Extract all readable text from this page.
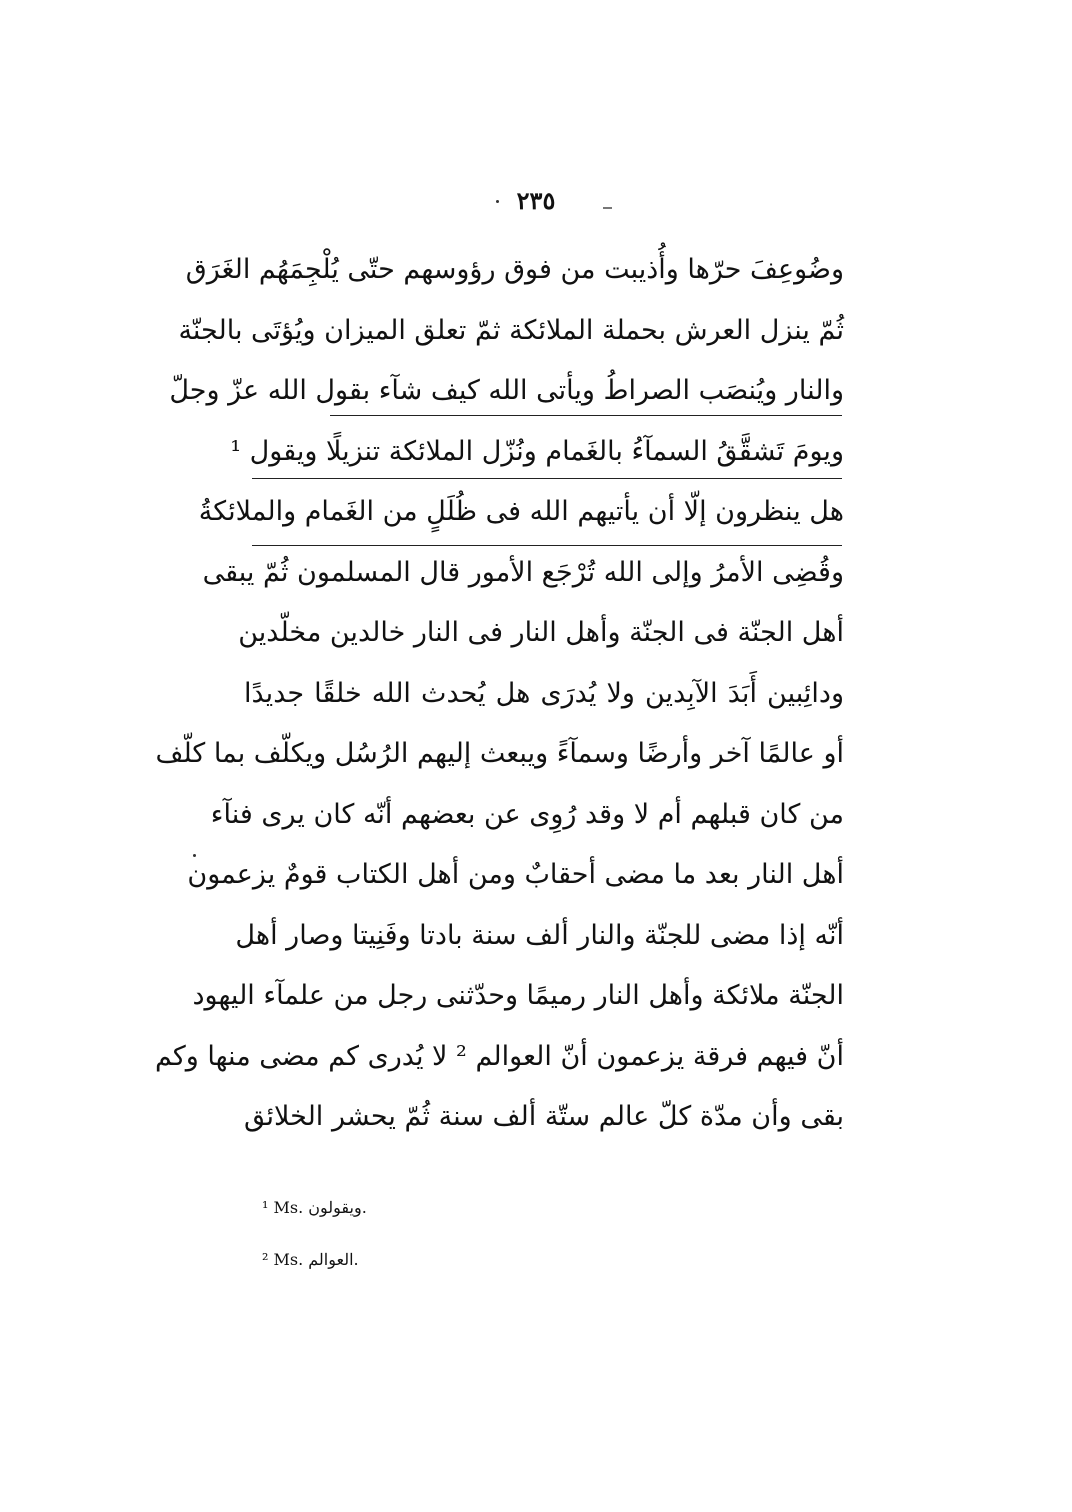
٢٣٥
وضُوعِفَ حرّها وأُذيبت من فوق رؤوسهم حتّى يُلْجِمَهُم الغَرَق
ثُمّ ينزل العرش بحملة الملائكة ثمّ تعلق الميزان ويُؤتَى بالجنّة
والنار ويُنصَب الصراطُ ويأتى الله كيف شآء بقول الله عزّ وجلّ
ويومَ تَشقَّقُ السمآءُ بالغَمام ونُزّل الملائكة تنزيلًا ويقول ¹
هل ينظرون إلّا أن يأتيهم الله فى ظُلَلٍ من الغَمام والملائكةُ
وقُضِى الأمرُ وإلى الله تُرْجَع الأمور قال المسلمون ثُمّ يبقى
أهل الجنّة فى الجنّة وأهل النار فى النار خالدين مخلّدين
ودائِبين أَبَدَ الآبِدين ولا يُدرَى هل يُحدث الله خلقًا جديدًا
أو عالمًا آخر وأرضًا وسمآءً ويبعث إليهم الرُسُل ويكلّف بما كلّف
من كان قبلهم أم لا وقد رُوِى عن بعضهم أنّه كان يرى فنآء
أهل النار بعد ما مضى أحقابٌ ومن أهل الكتاب قومٌ يزعمون
أنّه إذا مضى للجنّة والنار ألف سنة بادتا وفَنِيتا وصار أهل
الجنّة ملائكة وأهل النار رميمًا وحدّثنى رجل من علمآء اليهود
أنّ فيهم فرقة يزعمون أنّ العوالم ² لا يُدرى كم مضى منها وكم
بقى وأن مدّة كلّ عالم ستّة ألف سنة ثُمّ يحشر الخلائق
¹ Ms. ويقولون.
² Ms. العوالم.
